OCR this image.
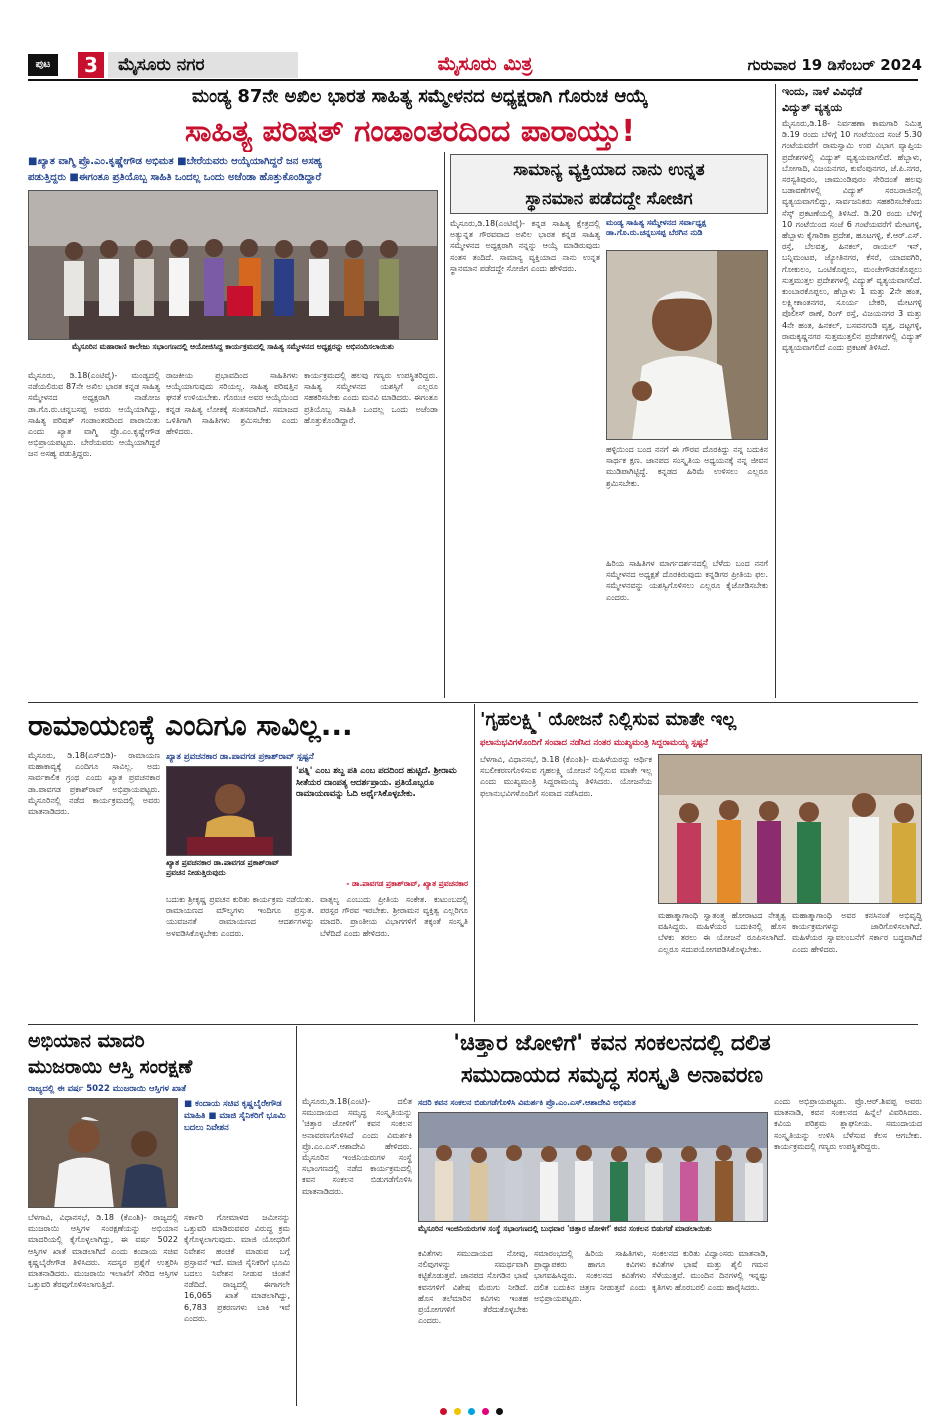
ಪುಟ	3	ಮೈಸೂರು ನಗರ	ಮೈಸೂರು ಮಿತ್ರ	ಗುರುವಾರ 19 ಡಿಸೆಂಬರ್ 2024
ಮಂಡ್ಯ 87ನೇ ಅಖಿಲ ಭಾರತ ಸಾಹಿತ್ಯ ಸಮ್ಮೇಳನದ ಅಧ್ಯಕ್ಷರಾಗಿ ಗೊರುಚ ಆಯ್ಕೆ
ಸಾಹಿತ್ಯ ಪರಿಷತ್ ಗಂಡಾಂತರದಿಂದ ಪಾರಾಯ್ತು!
■ಖ್ಯಾತ ವಾಗ್ಮಿ ಪ್ರೊ.ಎಂ.ಕೃಷ್ಣೇಗೌಡ ಅಭಿಮತ ■ಬೇರೆಯವರು ಆಯ್ಕೆಯಾಗಿದ್ದರೆ ಜನ ಅಸಹ್ಯ
ಪಡುತ್ತಿದ್ದರು ■ಈಗಂತೂ ಪ್ರತಿಯೊಬ್ಬ ಸಾಹಿತಿ ಒಂದಲ್ಲ ಒಂದು ಅಜೆಂಡಾ ಹೊತ್ತುಕೊಂಡಿದ್ದಾರೆ
ಮೈಸೂರಿನ ಮಹಾರಾಣಿ ಕಾಲೇಜು ಸಭಾಂಗಣದಲ್ಲಿ ಆಯೋಜಿಸಿದ್ದ ಕಾರ್ಯಕ್ರಮದಲ್ಲಿ ಸಾಹಿತ್ಯ ಸಮ್ಮೇಳನದ ಅಧ್ಯಕ್ಷರನ್ನು ಅಭಿನಂದಿಸಲಾಯಿತು
ಮೈಸೂರು, ಡಿ.18(ಎಂಟಿವೈ)- ಮಂಡ್ಯದಲ್ಲಿ ನಡೆಯಲಿರುವ 87ನೇ ಅಖಿಲ ಭಾರತ ಕನ್ನಡ ಸಾಹಿತ್ಯ ಸಮ್ಮೇಳನದ ಅಧ್ಯಕ್ಷರಾಗಿ ನಾಡೋಜ ಡಾ.ಗೊ.ರು.ಚನ್ನಬಸಪ್ಪ ಅವರು ಆಯ್ಕೆಯಾಗಿದ್ದು, ಸಾಹಿತ್ಯ ಪರಿಷತ್ ಗಂಡಾಂತರದಿಂದ ಪಾರಾಯಿತು ಎಂದು ಖ್ಯಾತ ವಾಗ್ಮಿ ಪ್ರೊ.ಎಂ.ಕೃಷ್ಣೇಗೌಡ ಅಭಿಪ್ರಾಯಪಟ್ಟರು. ಬೇರೆಯವರು ಆಯ್ಕೆಯಾಗಿದ್ದರೆ ಜನ ಅಸಹ್ಯ ಪಡುತ್ತಿದ್ದರು.
ರಾಜಕೀಯ ಪ್ರಭಾವದಿಂದ ಸಾಹಿತಿಗಳು ಆಯ್ಕೆಯಾಗುವುದು ಸರಿಯಲ್ಲ. ಸಾಹಿತ್ಯ ಪರಿಷತ್ತಿನ ಘನತೆ ಉಳಿಯಬೇಕು. ಗೊರುಚ ಅವರ ಆಯ್ಕೆಯಿಂದ ಕನ್ನಡ ಸಾಹಿತ್ಯ ಲೋಕಕ್ಕೆ ಸಂತಸವಾಗಿದೆ. ಸಮಾಜದ ಒಳಿತಿಗಾಗಿ ಸಾಹಿತಿಗಳು ಶ್ರಮಿಸಬೇಕು ಎಂದು ಹೇಳಿದರು.
ಕಾರ್ಯಕ್ರಮದಲ್ಲಿ ಹಲವು ಗಣ್ಯರು ಉಪಸ್ಥಿತರಿದ್ದರು. ಸಾಹಿತ್ಯ ಸಮ್ಮೇಳನದ ಯಶಸ್ಸಿಗೆ ಎಲ್ಲರೂ ಸಹಕರಿಸಬೇಕು ಎಂದು ಮನವಿ ಮಾಡಿದರು. ಈಗಂತೂ ಪ್ರತಿಯೊಬ್ಬ ಸಾಹಿತಿ ಒಂದಲ್ಲ ಒಂದು ಅಜೆಂಡಾ ಹೊತ್ತುಕೊಂಡಿದ್ದಾರೆ.
ಸಾಮಾನ್ಯ ವ್ಯಕ್ತಿಯಾದ ನಾನು ಉನ್ನತ
ಸ್ಥಾನಮಾನ ಪಡೆದದ್ದೇ ಸೋಜಿಗ
ಮೈಸೂರು,ಡಿ.18(ಎಂಟಿವೈ)- ಕನ್ನಡ ಸಾಹಿತ್ಯ ಕ್ಷೇತ್ರದಲ್ಲಿ ಅತ್ಯುನ್ನತ ಗೌರವವಾದ ಅಖಿಲ ಭಾರತ ಕನ್ನಡ ಸಾಹಿತ್ಯ ಸಮ್ಮೇಳನದ ಅಧ್ಯಕ್ಷರಾಗಿ ನನ್ನನ್ನು ಆಯ್ಕೆ ಮಾಡಿರುವುದು ಸಂತಸ ತಂದಿದೆ. ಸಾಮಾನ್ಯ ವ್ಯಕ್ತಿಯಾದ ನಾನು ಉನ್ನತ ಸ್ಥಾನಮಾನ ಪಡೆದದ್ದೇ ಸೋಜಿಗ ಎಂದು ಹೇಳಿದರು.
ಮಂಡ್ಯ ಸಾಹಿತ್ಯ ಸಮ್ಮೇಳನದ ಸರ್ವಾಧ್ಯಕ್ಷ ಡಾ.ಗೊ.ರು.ಚನ್ನಬಸಪ್ಪ ಬೆರಗಿನ ನುಡಿ
ಹಳ್ಳಿಯಿಂದ ಬಂದ ನನಗೆ ಈ ಗೌರವ ದೊರಕಿದ್ದು ನನ್ನ ಬದುಕಿನ ಸಾರ್ಥಕ ಕ್ಷಣ. ಜಾನಪದ ಸಂಸ್ಕೃತಿಯ ಅಧ್ಯಯನಕ್ಕೆ ನನ್ನ ಜೀವನ ಮುಡಿಪಾಗಿಟ್ಟಿದ್ದೆ. ಕನ್ನಡದ ಹಿರಿಮೆ ಉಳಿಸಲು ಎಲ್ಲರೂ ಶ್ರಮಿಸಬೇಕು.
ಹಿರಿಯ ಸಾಹಿತಿಗಳ ಮಾರ್ಗದರ್ಶನದಲ್ಲಿ ಬೆಳೆದು ಬಂದ ನನಗೆ ಸಮ್ಮೇಳನದ ಅಧ್ಯಕ್ಷತೆ ದೊರಕಿರುವುದು ಕನ್ನಡಿಗರ ಪ್ರೀತಿಯ ಫಲ. ಸಮ್ಮೇಳನವನ್ನು ಯಶಸ್ವಿಗೊಳಿಸಲು ಎಲ್ಲರೂ ಕೈಜೋಡಿಸಬೇಕು ಎಂದರು.
ಇಂದು, ನಾಳೆ ವಿವಿಧೆಡೆ
ವಿದ್ಯುತ್ ವ್ಯತ್ಯಯ
ಮೈಸೂರು,ಡಿ.18- ನಿರ್ವಹಣಾ ಕಾಮಗಾರಿ ನಿಮಿತ್ತ ಡಿ.19 ರಂದು ಬೆಳಿಗ್ಗೆ 10 ಗಂಟೆಯಿಂದ ಸಂಜೆ 5.30 ಗಂಟೆಯವರೆಗೆ ರಾಮಸ್ವಾಮಿ ಉಪ ವಿಭಾಗ ವ್ಯಾಪ್ತಿಯ ಪ್ರದೇಶಗಳಲ್ಲಿ ವಿದ್ಯುತ್ ವ್ಯತ್ಯಯವಾಗಲಿದೆ. ಹೆಬ್ಬಾಳು, ಬೋಗಾದಿ, ವಿಜಯನಗರ, ಕುವೆಂಪುನಗರ, ಜೆ.ಪಿ.ನಗರ, ಸರಸ್ವತಿಪುರಂ, ಚಾಮುಂಡಿಪುರಂ ಸೇರಿದಂತೆ ಹಲವು ಬಡಾವಣೆಗಳಲ್ಲಿ ವಿದ್ಯುತ್ ಸರಬರಾಜಿನಲ್ಲಿ ವ್ಯತ್ಯಯವಾಗಲಿದ್ದು, ಸಾರ್ವಜನಿಕರು ಸಹಕರಿಸಬೇಕೆಂದು ಸೆಸ್ಕ್ ಪ್ರಕಟಣೆಯಲ್ಲಿ ತಿಳಿಸಿದೆ. ಡಿ.20 ರಂದು ಬೆಳಿಗ್ಗೆ 10 ಗಂಟೆಯಿಂದ ಸಂಜೆ 6 ಗಂಟೆಯವರೆಗೆ ಮೇಟಗಳ್ಳಿ, ಹೆಬ್ಬಾಳು ಕೈಗಾರಿಕಾ ಪ್ರದೇಶ, ಹೂಟಗಳ್ಳಿ, ಕೆ.ಆರ್.ಎಸ್. ರಸ್ತೆ, ಬೆಲವತ್ತ, ಹಿನಕಲ್, ರಾಯಲ್ ಇನ್, ಬನ್ನಿಮಂಟಪ, ಜ್ಯೋತಿನಗರ, ಕೆಸರೆ, ಯಾದವಗಿರಿ, ಗೋಕುಲಂ, ಒಂಟಿಕೊಪ್ಪಲು, ಮಂಚೇಗೌಡನಕೊಪ್ಪಲು ಸುತ್ತಮುತ್ತಲ ಪ್ರದೇಶಗಳಲ್ಲಿ ವಿದ್ಯುತ್ ವ್ಯತ್ಯಯವಾಗಲಿದೆ. ಕುಂಬಾರಕೊಪ್ಪಲು, ಹೆಬ್ಬಾಳು 1 ಮತ್ತು 2ನೇ ಹಂತ, ಲಕ್ಷ್ಮೀಕಾಂತನಗರ, ಸೂರ್ಯ ಬೇಕರಿ, ಮೇಟಗಳ್ಳಿ ಪೊಲೀಸ್ ಠಾಣೆ, ರಿಂಗ್ ರಸ್ತೆ, ವಿಜಯನಗರ 3 ಮತ್ತು 4ನೇ ಹಂತ, ಹಿನಕಲ್, ಬಸವನಗುಡಿ ವೃತ್ತ, ದಟ್ಟಗಳ್ಳಿ, ರಾಮಕೃಷ್ಣನಗರ ಸುತ್ತಮುತ್ತಲಿನ ಪ್ರದೇಶಗಳಲ್ಲಿ ವಿದ್ಯುತ್ ವ್ಯತ್ಯಯವಾಗಲಿದೆ ಎಂದು ಪ್ರಕಟಣೆ ತಿಳಿಸಿದೆ.
ರಾಮಾಯಣಕ್ಕೆ ಎಂದಿಗೂ ಸಾವಿಲ್ಲ...
ಮೈಸೂರು, ಡಿ.18(ಎಸ್‌ಬಿಡಿ)- ರಾಮಾಯಣ ಮಹಾಕಾವ್ಯಕ್ಕೆ ಎಂದಿಗೂ ಸಾವಿಲ್ಲ. ಅದು ಸಾರ್ವಕಾಲಿಕ ಗ್ರಂಥ ಎಂದು ಖ್ಯಾತ ಪ್ರವಚನಕಾರ ಡಾ.ಪಾವಗಡ ಪ್ರಕಾಶ್‌ರಾವ್ ಅಭಿಪ್ರಾಯಪಟ್ಟರು. ಮೈಸೂರಿನಲ್ಲಿ ನಡೆದ ಕಾರ್ಯಕ್ರಮದಲ್ಲಿ ಅವರು ಮಾತನಾಡಿದರು.
ಖ್ಯಾತ ಪ್ರವಚನಕಾರ ಡಾ.ಪಾವಗಡ ಪ್ರಕಾಶ್‌ರಾವ್ ಸ್ಪಷ್ಟನೆ
ಖ್ಯಾತ ಪ್ರವಚನಕಾರ ಡಾ.ಪಾವಗಡ ಪ್ರಕಾಶ್‌ರಾವ್ ಪ್ರವಚನ ನೀಡುತ್ತಿರುವುದು
'ಪತ್ನಿ' ಎಂಬ ಶಬ್ದ ಪತಿ ಎಂಬ ಪದದಿಂದ ಹುಟ್ಟಿದೆ. ಶ್ರೀರಾಮ ಸೀತೆಯರ ದಾಂಪತ್ಯ ಆದರ್ಶಪ್ರಾಯ. ಪ್ರತಿಯೊಬ್ಬರೂ ರಾಮಾಯಣವನ್ನು ಓದಿ ಅರ್ಥೈಸಿಕೊಳ್ಳಬೇಕು.
- ಡಾ.ಪಾವಗಡ ಪ್ರಕಾಶ್‌ರಾವ್, ಖ್ಯಾತ ಪ್ರವಚನಕಾರ
ಬದುಕು ಶ್ರೀಕೃಷ್ಣ ಪ್ರವಚನ ಕುರಿತು ಕಾರ್ಯಕ್ರಮ ನಡೆಯಿತು. ರಾಮಾಯಣದ ಮೌಲ್ಯಗಳು ಇಂದಿಗೂ ಪ್ರಸ್ತುತ. ಯುವಜನತೆ ರಾಮಾಯಣದ ಆದರ್ಶಗಳನ್ನು ಅಳವಡಿಸಿಕೊಳ್ಳಬೇಕು ಎಂದರು.
ವಾತ್ಸಲ್ಯ ಎಂಬುದು ಪ್ರೀತಿಯ ಸಂಕೇತ. ಕುಟುಂಬದಲ್ಲಿ ಪರಸ್ಪರ ಗೌರವ ಇರಬೇಕು. ಶ್ರೀರಾಮನ ವ್ಯಕ್ತಿತ್ವ ಎಲ್ಲರಿಗೂ ಮಾದರಿ. ಪ್ರಾಂತೀಯ ವಿಭಾಗಗಳಿಗೆ ತಕ್ಕಂತೆ ಸಂಸ್ಕೃತಿ ಬೆಳೆದಿದೆ ಎಂದು ಹೇಳಿದರು.
'ಗೃಹಲಕ್ಷ್ಮಿ' ಯೋಜನೆ ನಿಲ್ಲಿಸುವ ಮಾತೇ ಇಲ್ಲ
ಫಲಾನುಭವಿಗಳೊಂದಿಗೆ ಸಂವಾದ ನಡೆಸಿದ ನಂತರ ಮುಖ್ಯಮಂತ್ರಿ ಸಿದ್ದರಾಮಯ್ಯ ಸ್ಪಷ್ಟನೆ
ಬೆಳಗಾವಿ, ವಿಧಾನಸಭೆ, ಡಿ.18 (ಕೆಎಂಶಿ)- ಮಹಿಳೆಯರನ್ನು ಆರ್ಥಿಕ ಸಬಲೀಕರಣಗೊಳಿಸುವ ಗೃಹಲಕ್ಷ್ಮಿ ಯೋಜನೆ ನಿಲ್ಲಿಸುವ ಮಾತೇ ಇಲ್ಲ ಎಂದು ಮುಖ್ಯಮಂತ್ರಿ ಸಿದ್ದರಾಮಯ್ಯ ತಿಳಿಸಿದರು. ಯೋಜನೆಯ ಫಲಾನುಭವಿಗಳೊಂದಿಗೆ ಸಂವಾದ ನಡೆಸಿದರು.
ಮಹಾತ್ಮಾಗಾಂಧಿ ಸ್ವಾತಂತ್ರ್ಯ ಹೋರಾಟದ ನೇತೃತ್ವ ವಹಿಸಿದ್ದರು. ಮಹಿಳೆಯರ ಬದುಕಿನಲ್ಲಿ ಹೊಸ ಬೆಳಕು ತರಲು ಈ ಯೋಜನೆ ರೂಪಿಸಲಾಗಿದೆ. ಎಲ್ಲರೂ ಸದುಪಯೋಗಪಡಿಸಿಕೊಳ್ಳಬೇಕು.
ಮಹಾತ್ಮಾಗಾಂಧಿ ಅವರ ಕನಸಿನಂತೆ ಅಭಿವೃದ್ಧಿ ಕಾರ್ಯಕ್ರಮಗಳನ್ನು ಜಾರಿಗೊಳಿಸಲಾಗಿದೆ. ಮಹಿಳೆಯರ ಸ್ವಾವಲಂಬನೆಗೆ ಸರ್ಕಾರ ಬದ್ಧವಾಗಿದೆ ಎಂದು ಹೇಳಿದರು.
ಅಭಿಯಾನ ಮಾದರಿ
ಮುಜರಾಯಿ ಆಸ್ತಿ ಸಂರಕ್ಷಣೆ
ರಾಜ್ಯದಲ್ಲಿ ಈ ವರ್ಷ 5022 ಮುಜರಾಯಿ ಆಸ್ತಿಗಳ ಖಾತೆ
■ ಕಂದಾಯ ಸಚಿವ ಕೃಷ್ಣಬೈರೇಗೌಡ ಮಾಹಿತಿ ■ ಮಾಜಿ ಸೈನಿಕರಿಗೆ ಭೂಮಿ ಬದಲು ನಿವೇಶನ
ಬೆಳಗಾವಿ, ವಿಧಾನಸಭೆ, ಡಿ.18 (ಕೆಎಂಶಿ)- ರಾಜ್ಯದಲ್ಲಿ ಮುಜರಾಯಿ ಆಸ್ತಿಗಳ ಸಂರಕ್ಷಣೆಯನ್ನು ಅಭಿಯಾನ ಮಾದರಿಯಲ್ಲಿ ಕೈಗೊಳ್ಳಲಾಗಿದ್ದು, ಈ ವರ್ಷ 5022 ಆಸ್ತಿಗಳ ಖಾತೆ ಮಾಡಲಾಗಿದೆ ಎಂದು ಕಂದಾಯ ಸಚಿವ ಕೃಷ್ಣಬೈರೇಗೌಡ ತಿಳಿಸಿದರು. ಸದಸ್ಯರ ಪ್ರಶ್ನೆಗೆ ಉತ್ತರಿಸಿ ಮಾತನಾಡಿದರು. ಮುಜರಾಯಿ ಇಲಾಖೆಗೆ ಸೇರಿದ ಆಸ್ತಿಗಳ ಒತ್ತುವರಿ ತೆರವುಗೊಳಿಸಲಾಗುತ್ತಿದೆ.
ಸರ್ಕಾರಿ ಗೋಮಾಳದ ಜಮೀನನ್ನು ಒತ್ತುವರಿ ಮಾಡಿರುವವರ ವಿರುದ್ಧ ಕ್ರಮ ಕೈಗೊಳ್ಳಲಾಗುವುದು. ಮಾಜಿ ಯೋಧರಿಗೆ ನಿವೇಶನ ಹಂಚಿಕೆ ಮಾಡುವ ಬಗ್ಗೆ ಪ್ರಸ್ತಾವನೆ ಇದೆ. ಮಾಜಿ ಸೈನಿಕರಿಗೆ ಭೂಮಿ ಬದಲು ನಿವೇಶನ ನೀಡುವ ಚಿಂತನೆ ನಡೆದಿದೆ. ರಾಜ್ಯದಲ್ಲಿ ಈಗಾಗಲೇ 16,065 ಖಾತೆ ಮಾಡಲಾಗಿದ್ದು, 6,783 ಪ್ರಕರಣಗಳು ಬಾಕಿ ಇವೆ ಎಂದರು.
'ಚಿತ್ತಾರ ಜೋಳಿಗೆ' ಕವನ ಸಂಕಲನದಲ್ಲಿ ದಲಿತ
ಸಮುದಾಯದ ಸಮೃದ್ಧ ಸಂಸ್ಕೃತಿ ಅನಾವರಣ
ಮೈಸೂರು,ಡಿ.18(ಎಂಟಿ)- ದಲಿತ ಸಮುದಾಯದ ಸಮೃದ್ಧ ಸಂಸ್ಕೃತಿಯನ್ನು 'ಚಿತ್ತಾರ ಜೋಳಿಗೆ' ಕವನ ಸಂಕಲನ ಅನಾವರಣಗೊಳಿಸಿದೆ ಎಂದು ವಿಮರ್ಶಕಿ ಪ್ರೊ.ಎಂ.ಎಸ್.ಆಶಾದೇವಿ ಹೇಳಿದರು. ಮೈಸೂರಿನ ಇಂಜಿನಿಯರುಗಳ ಸಂಸ್ಥೆ ಸಭಾಂಗಣದಲ್ಲಿ ನಡೆದ ಕಾರ್ಯಕ್ರಮದಲ್ಲಿ ಕವನ ಸಂಕಲನ ಬಿಡುಗಡೆಗೊಳಿಸಿ ಮಾತನಾಡಿದರು.
ಸದರಿ ಕವನ ಸಂಕಲನ ಬಿಡುಗಡೆಗೊಳಿಸಿ ವಿಮರ್ಶಕಿ ಪ್ರೊ.ಎಂ.ಎಸ್.ಆಶಾದೇವಿ ಅಭಿಮತ
ಮೈಸೂರಿನ ಇಂಜಿನಿಯರುಗಳ ಸಂಸ್ಥೆ ಸಭಾಂಗಣದಲ್ಲಿ ಬುಧವಾರ 'ಚಿತ್ತಾರ ಜೋಳಿಗೆ' ಕವನ ಸಂಕಲನ ಬಿಡುಗಡೆ ಮಾಡಲಾಯಿತು
ಕವಿತೆಗಳು ಸಮುದಾಯದ ನೋವು, ನಲಿವುಗಳನ್ನು ಸಮರ್ಥವಾಗಿ ಕಟ್ಟಿಕೊಡುತ್ತವೆ. ಜಾನಪದ ಸೊಗಡಿನ ಭಾಷೆ ಕವನಗಳಿಗೆ ವಿಶೇಷ ಮೆರುಗು ನೀಡಿದೆ. ಹೊಸ ತಲೆಮಾರಿನ ಕವಿಗಳು ಇಂತಹ ಪ್ರಯೋಗಗಳಿಗೆ ತೆರೆದುಕೊಳ್ಳಬೇಕು ಎಂದರು.
ಸಮಾರಂಭದಲ್ಲಿ ಹಿರಿಯ ಸಾಹಿತಿಗಳು, ಪ್ರಾಧ್ಯಾಪಕರು ಹಾಗೂ ಕವಿಗಳು ಭಾಗವಹಿಸಿದ್ದರು. ಸಂಕಲನದ ಕವಿತೆಗಳು ದಲಿತ ಬದುಕಿನ ಚಿತ್ರಣ ನೀಡುತ್ತವೆ ಎಂದು ಅಭಿಪ್ರಾಯಪಟ್ಟರು.
ಸಂಕಲನದ ಕುರಿತು ವಿದ್ವಾಂಸರು ಮಾತನಾಡಿ, ಕವಿತೆಗಳ ಭಾಷೆ ಮತ್ತು ಶೈಲಿ ಗಮನ ಸೆಳೆಯುತ್ತವೆ. ಮುಂದಿನ ದಿನಗಳಲ್ಲಿ ಇನ್ನಷ್ಟು ಕೃತಿಗಳು ಹೊರಬರಲಿ ಎಂದು ಹಾರೈಸಿದರು.
ಎಂದು ಅಭಿಪ್ರಾಯಪಟ್ಟರು. ಪ್ರೊ.ಆರ್.ಶಿವಪ್ಪ ಅವರು ಮಾತನಾಡಿ, ಕವನ ಸಂಕಲನದ ಹಿನ್ನೆಲೆ ವಿವರಿಸಿದರು. ಕವಿಯ ಪರಿಶ್ರಮ ಶ್ಲಾಘನೀಯ. ಸಮುದಾಯದ ಸಂಸ್ಕೃತಿಯನ್ನು ಉಳಿಸಿ ಬೆಳೆಸುವ ಕೆಲಸ ಆಗಬೇಕು. ಕಾರ್ಯಕ್ರಮದಲ್ಲಿ ಗಣ್ಯರು ಉಪಸ್ಥಿತರಿದ್ದರು.
